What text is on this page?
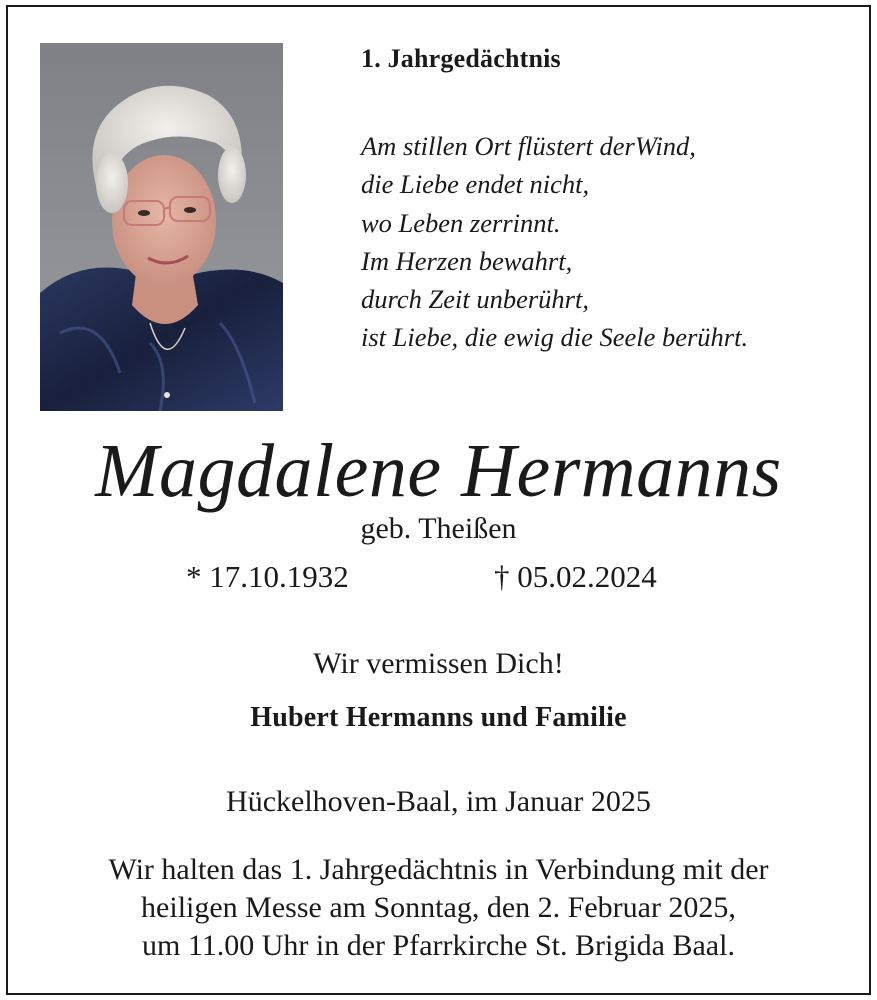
1. Jahrgedächtnis
Am stillen Ort flüstert derWind,
die Liebe endet nicht,
wo Leben zerrinnt.
Im Herzen bewahrt,
durch Zeit unberührt,
ist Liebe, die ewig die Seele berührt.
Magdalene Hermanns
geb. Theißen
* 17.10.1932	† 05.02.2024
Wir vermissen Dich!
Hubert Hermanns und Familie
Hückelhoven-Baal, im Januar 2025
Wir halten das 1. Jahrgedächtnis in Verbindung mit der
heiligen Messe am Sonntag, den 2. Februar 2025,
um 11.00 Uhr in der Pfarrkirche St. Brigida Baal.
